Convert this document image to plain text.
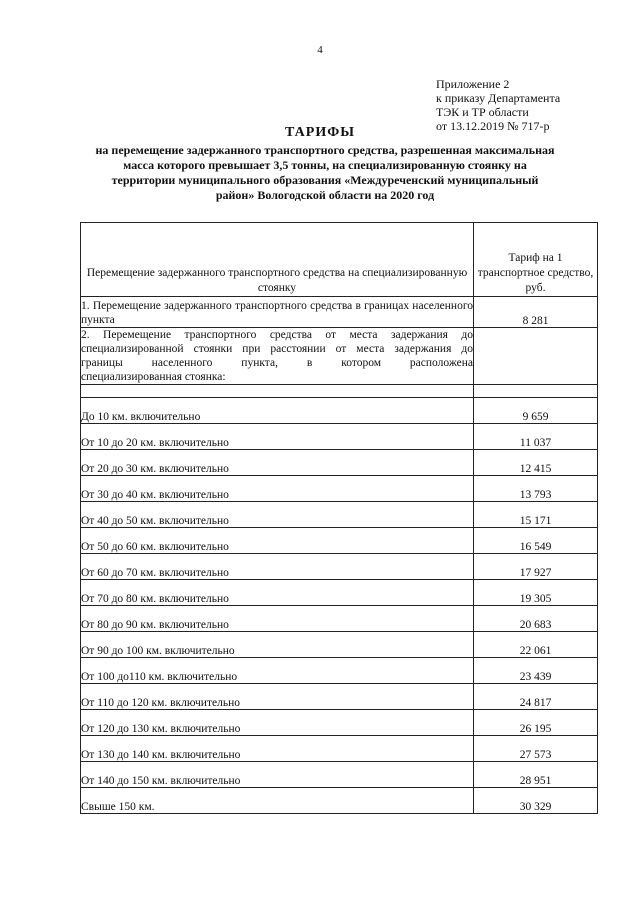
4
Приложение 2
к приказу Департамента
ТЭК и ТР области
от 13.12.2019 № 717-р
ТАРИФЫ
на перемещение задержанного транспортного средства, разрешенная максимальная
масса которого превышает 3,5 тонны, на специализированную стоянку на
территории муниципального образования «Междуреченский муниципальный
район» Вологодской области на 2020 год
Перемещение задержанного транспортного средства на специализированную стоянку	Тариф на 1 транспортное средство, руб.
1. Перемещение задержанного транспортного средства в границах населенного пункта	8 281

2. Перемещение транспортного средства от места задержания до
специализированной стоянки при расстоянии от места задержания до
границы населенного пункта, в котором расположена
специализированная стоянка:	

До 10 км. включительно	9 659
От 10 до 20 км. включительно	11 037
От 20 до 30 км. включительно	12 415
От 30 до 40 км. включительно	13 793
От 40 до 50 км. включительно	15 171
От 50 до 60 км. включительно	16 549
От 60 до 70 км. включительно	17 927
От 70 до 80 км. включительно	19 305
От 80 до 90 км. включительно	20 683
От 90 до 100 км. включительно	22 061
От 100 до110 км. включительно	23 439
От 110 до 120 км. включительно	24 817
От 120 до 130 км. включительно	26 195
От 130 до 140 км. включительно	27 573
От 140 до 150 км. включительно	28 951
Свыше 150 км.	30 329
